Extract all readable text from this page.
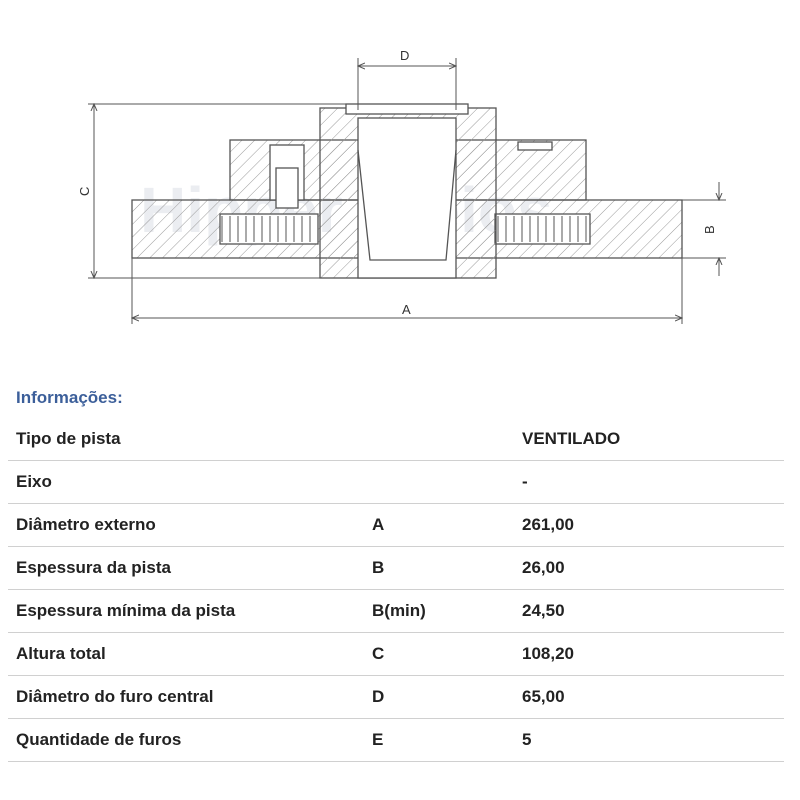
D
C
B
A
Informações:
Tipo de pista		VENTILADO
Eixo		-
Diâmetro externo	A	261,00
Espessura da pista	B	26,00
Espessura mínima da pista	B(min)	24,50
Altura total	C	108,20
Diâmetro do furo central	D	65,00
Quantidade de furos	E	5
